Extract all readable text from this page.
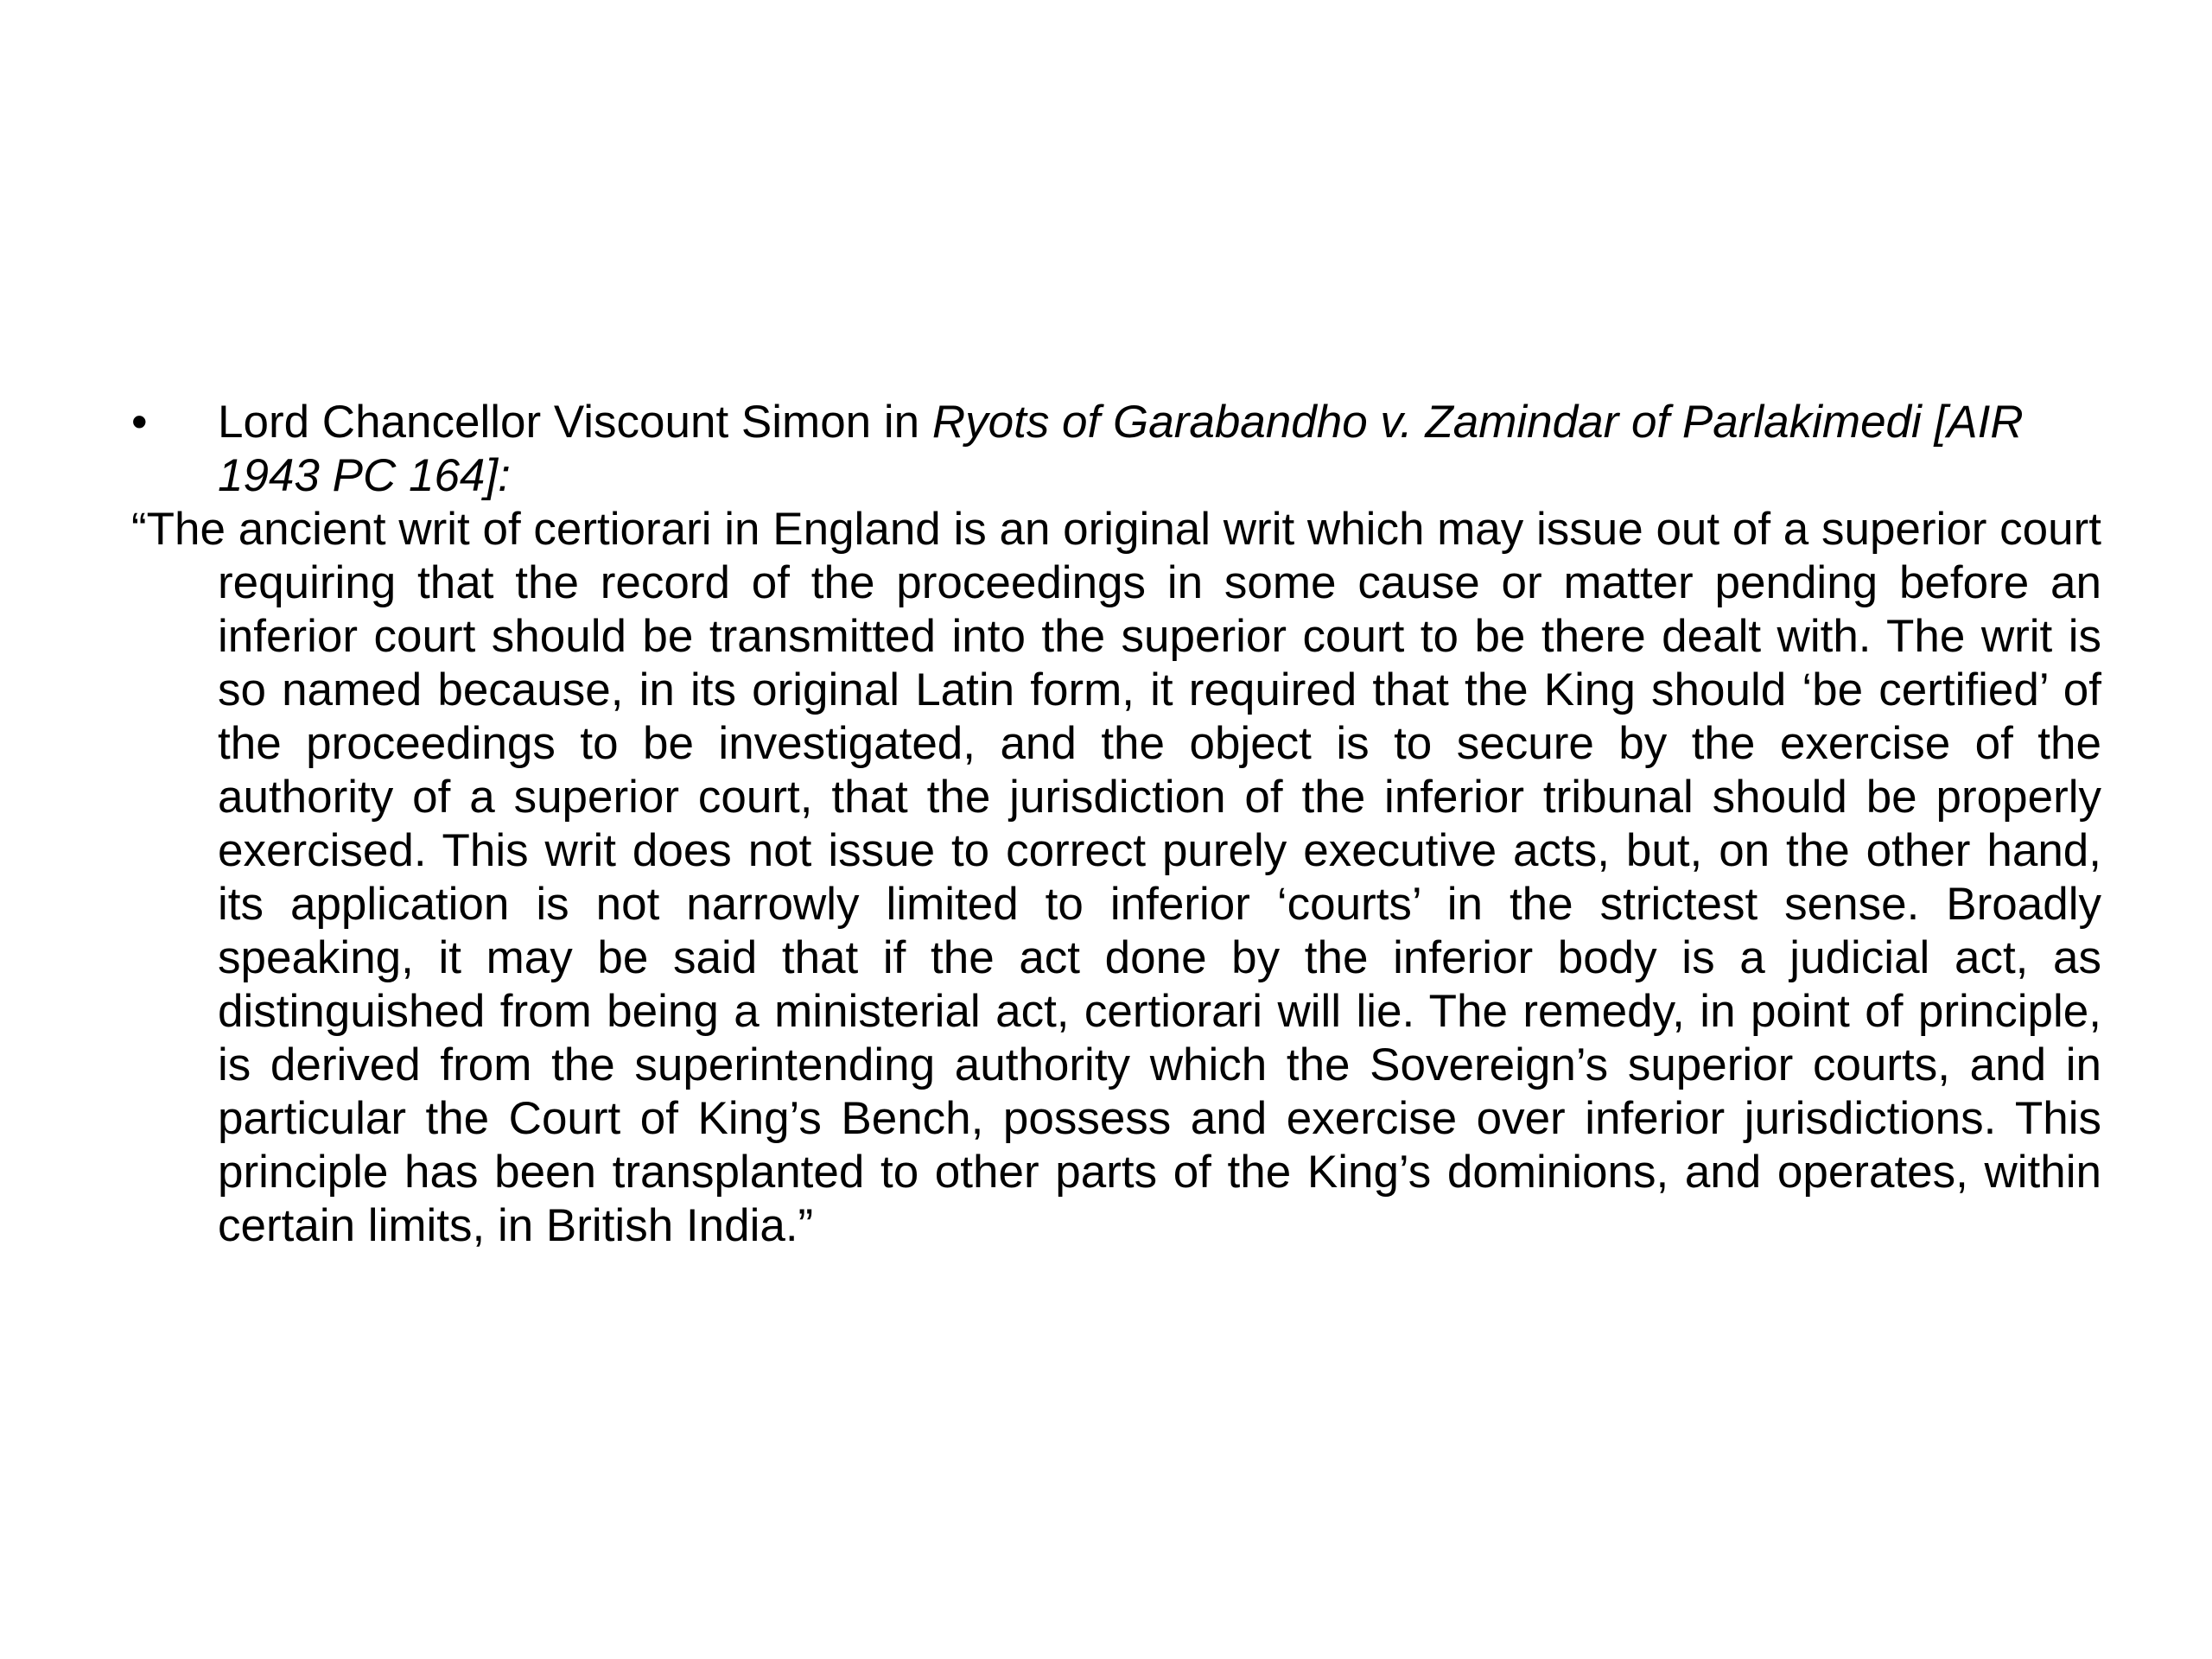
•	Lord Chancellor Viscount Simon in Ryots of Garabandho v. Zamindar of Parlakimedi [AIR 1943 PC 164]:
“The ancient writ of certiorari in England is an original writ which may issue out of a superior court requiring that the record of the proceedings in some cause or matter pending before an inferior court should be transmitted into the superior court to be there dealt with. The writ is so named because, in its original Latin form, it required that the King should ‘be certified’ of the proceedings to be investigated, and the object is to secure by the exercise of the authority of a superior court, that the jurisdiction of the inferior tribunal should be properly exercised. This writ does not issue to correct purely executive acts, but, on the other hand, its application is not narrowly limited to inferior ‘courts’ in the strictest sense. Broadly speaking, it may be said that if the act done by the inferior body is a judicial act, as distinguished from being a ministerial act, certiorari will lie. The remedy, in point of principle, is derived from the superintending authority which the Sovereign’s superior courts, and in particular the Court of King’s Bench, possess and exercise over inferior jurisdictions. This principle has been transplanted to other parts of the King’s dominions, and operates, within certain limits, in British India.”
